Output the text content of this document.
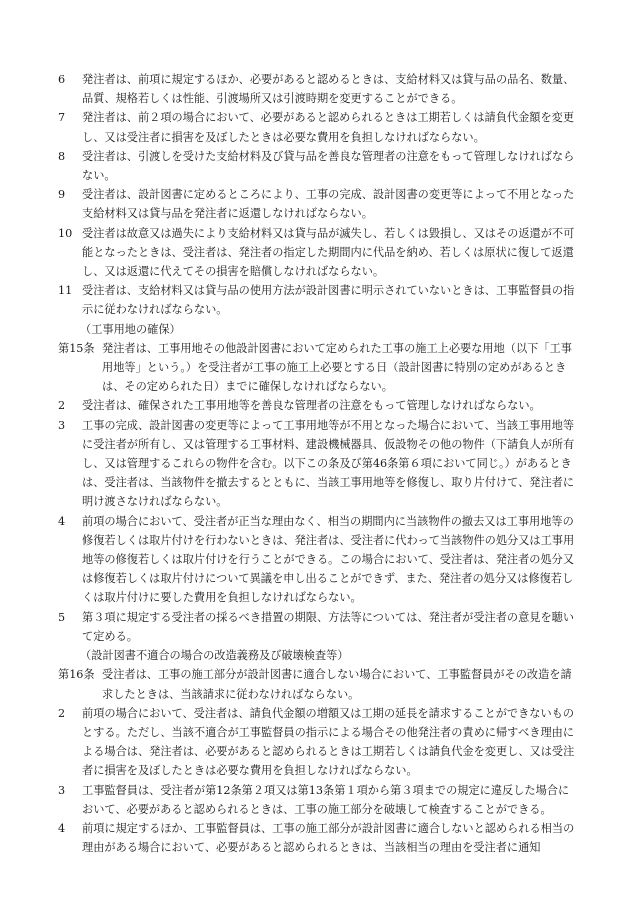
6	発注者は、前項に規定するほか、必要があると認めるときは、支給材料又は貸与品の品名、数量、品質、規格若しくは性能、引渡場所又は引渡時期を変更することができる。

7	発注者は、前２項の場合において、必要があると認められるときは工期若しくは請負代金額を変更し、又は受注者に損害を及ぼしたときは必要な費用を負担しなければならない。

8	受注者は、引渡しを受けた支給材料及び貸与品を善良な管理者の注意をもって管理しなければならない。

9	受注者は、設計図書に定めるところにより、工事の完成、設計図書の変更等によって不用となった支給材料又は貸与品を発注者に返還しなければならない。

10 受注者は故意又は過失により支給材料又は貸与品が滅失し、若しくは毀損し、又はその返還が不可能となったときは、受注者は、発注者の指定した期間内に代品を納め、若しくは原状に復して返還し、又は返還に代えてその損害を賠償しなければならない。

11 受注者は、支給材料又は貸与品の使用方法が設計図書に明示されていないときは、工事監督員の指示に従わなければならない。

（工事用地の確保）

第15条 発注者は、工事用地その他設計図書において定められた工事の施工上必要な用地（以下「工事用地等」という。）を受注者が工事の施工上必要とする日（設計図書に特別の定めがあるときは、その定められた日）までに確保しなければならない。

2	受注者は、確保された工事用地等を善良な管理者の注意をもって管理しなければならない。

3	工事の完成、設計図書の変更等によって工事用地等が不用となった場合において、当該工事用地等に受注者が所有し、又は管理する工事材料、建設機械器具、仮設物その他の物件（下請負人が所有し、又は管理するこれらの物件を含む。以下この条及び第46条第６項において同じ。）があるときは、受注者は、当該物件を撤去するとともに、当該工事用地等を修復し、取り片付けて、発注者に明け渡さなければならない。

4	前項の場合において、受注者が正当な理由なく、相当の期間内に当該物件の撤去又は工事用地等の修復若しくは取片付けを行わないときは、発注者は、受注者に代わって当該物件の処分又は工事用地等の修復若しくは取片付けを行うことができる。この場合において、受注者は、発注者の処分又は修復若しくは取片付けについて異議を申し出ることができず、また、発注者の処分又は修復若しくは取片付けに要した費用を負担しなければならない。

5	第３項に規定する受注者の採るべき措置の期限、方法等については、発注者が受注者の意見を聴いて定める。

（設計図書不適合の場合の改造義務及び破壊検査等）

第16条 受注者は、工事の施工部分が設計図書に適合しない場合において、工事監督員がその改造を請求したときは、当該請求に従わなければならない。

2	前項の場合において、受注者は、請負代金額の増額又は工期の延長を請求することができないものとする。ただし、当該不適合が工事監督員の指示による場合その他発注者の責めに帰すべき理由による場合は、発注者は、必要があると認められるときは工期若しくは請負代金を変更し、又は受注者に損害を及ぼしたときは必要な費用を負担しなければならない。

3	工事監督員は、受注者が第12条第２項又は第13条第１項から第３項までの規定に違反した場合において、必要があると認められるときは、工事の施工部分を破壊して検査することができる。

4	前項に規定するほか、工事監督員は、工事の施工部分が設計図書に適合しないと認められる相当の理由がある場合において、必要があると認められるときは、当該相当の理由を受注者に通知
